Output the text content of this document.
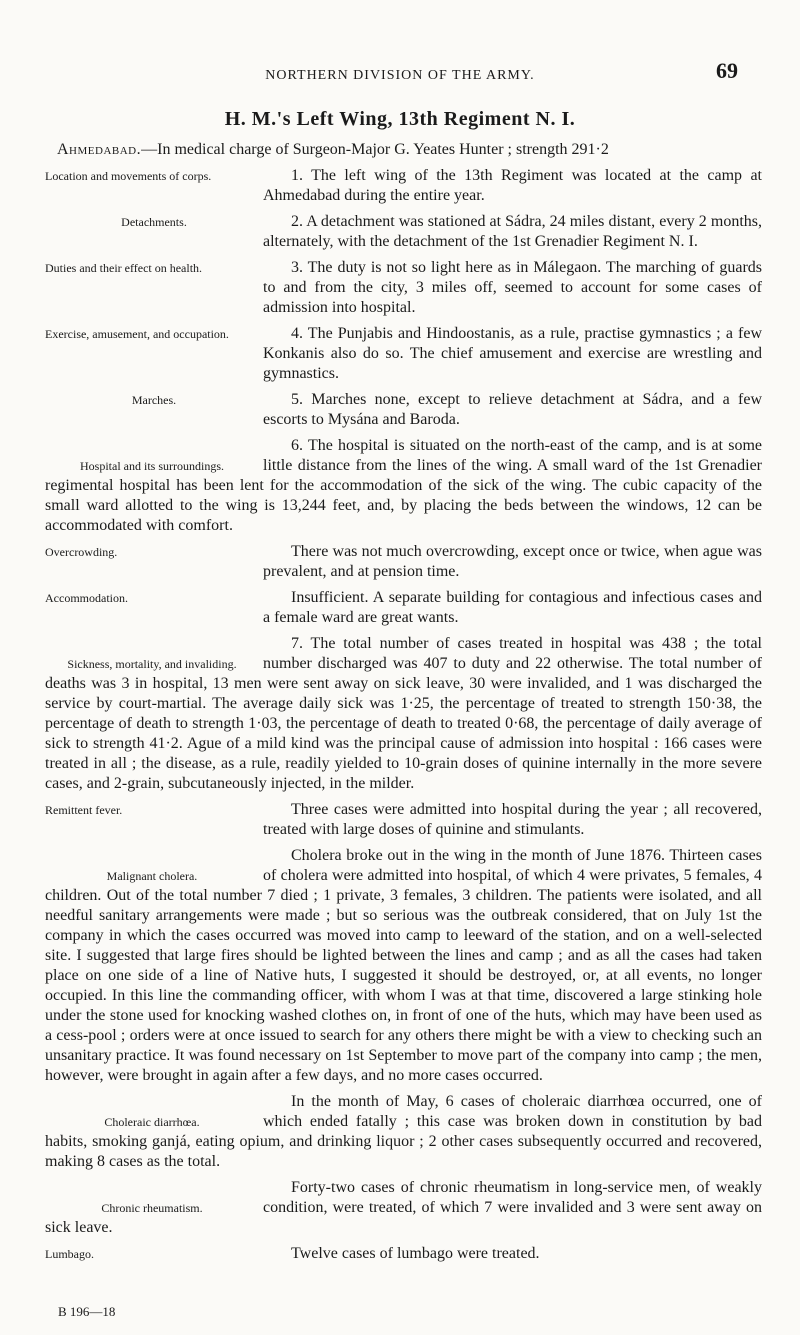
NORTHERN DIVISION OF THE ARMY.	69
H. M.'s Left Wing, 13th Regiment N. I.

Ahmedabad.—In medical charge of Surgeon-Major G. Yeates Hunter ; strength 291·2

Location and movements of corps.	1. The left wing of the 13th Regiment was located at the camp at Ahmedabad during the entire year.

Detachments.	2. A detachment was stationed at Sádra, 24 miles distant, every 2 months, alternately, with the detachment of the 1st Grenadier Regiment N. I.

Duties and their effect on health.	3. The duty is not so light here as in Málegaon. The marching of guards to and from the city, 3 miles off, seemed to account for some cases of admission into hospital.

Exercise, amusement, and occupation.	4. The Punjabis and Hindoostanis, as a rule, practise gymnastics ; a few Konkanis also do so. The chief amusement and exercise are wrestling and gymnastics.

Marches.	5. Marches none, except to relieve detachment at Sádra, and a few escorts to Mysána and Baroda.

Hospital and its surroundings.

6. The hospital is situated on the north-east of the camp, and is at some little distance from the lines of the wing. A small ward of the 1st Grenadier regimental hospital has been lent for the accommodation of the sick of the wing. The cubic capacity of the small ward allotted to the wing is 13,244 feet, and, by placing the beds between the windows, 12 can be accommodated with comfort.

Overcrowding.	There was not much overcrowding, except once or twice, when ague was prevalent, and at pension time.

Accommodation.	Insufficient. A separate building for contagious and infectious cases and a female ward are great wants.

Sickness, mortality, and invaliding.

7. The total number of cases treated in hospital was 438 ; the total number discharged was 407 to duty and 22 otherwise. The total number of deaths was 3 in hospital, 13 men were sent away on sick leave, 30 were invalided, and 1 was discharged the service by court-martial. The average daily sick was 1·25, the percentage of treated to strength 150·38, the percentage of death to strength 1·03, the percentage of death to treated 0·68, the percentage of daily average of sick to strength 41·2. Ague of a mild kind was the principal cause of admission into hospital : 166 cases were treated in all ; the disease, as a rule, readily yielded to 10-grain doses of quinine internally in the more severe cases, and 2-grain, subcutaneously injected, in the milder.

Remittent fever.	Three cases were admitted into hospital during the year ; all recovered, treated with large doses of quinine and stimulants.

Malignant cholera.

Cholera broke out in the wing in the month of June 1876. Thirteen cases of cholera were admitted into hospital, of which 4 were privates, 5 females, 4 children. Out of the total number 7 died ; 1 private, 3 females, 3 children. The patients were isolated, and all needful sanitary arrangements were made ; but so serious was the outbreak considered, that on July 1st the company in which the cases occurred was moved into camp to leeward of the station, and on a well-selected site. I suggested that large fires should be lighted between the lines and camp ; and as all the cases had taken place on one side of a line of Native huts, I suggested it should be destroyed, or, at all events, no longer occupied. In this line the commanding officer, with whom I was at that time, discovered a large stinking hole under the stone used for knocking washed clothes on, in front of one of the huts, which may have been used as a cess-pool ; orders were at once issued to search for any others there might be with a view to checking such an unsanitary practice. It was found necessary on 1st September to move part of the company into camp ; the men, however, were brought in again after a few days, and no more cases occurred.

Choleraic diarrhœa.

In the month of May, 6 cases of choleraic diarrhœa occurred, one of which ended fatally ; this case was broken down in constitution by bad habits, smoking ganjá, eating opium, and drinking liquor ; 2 other cases subsequently occurred and recovered, making 8 cases as the total.

Chronic rheumatism.

Forty-two cases of chronic rheumatism in long-service men, of weakly condition, were treated, of which 7 were invalided and 3 were sent away on sick leave.

Lumbago.	Twelve cases of lumbago were treated.

B 196—18
